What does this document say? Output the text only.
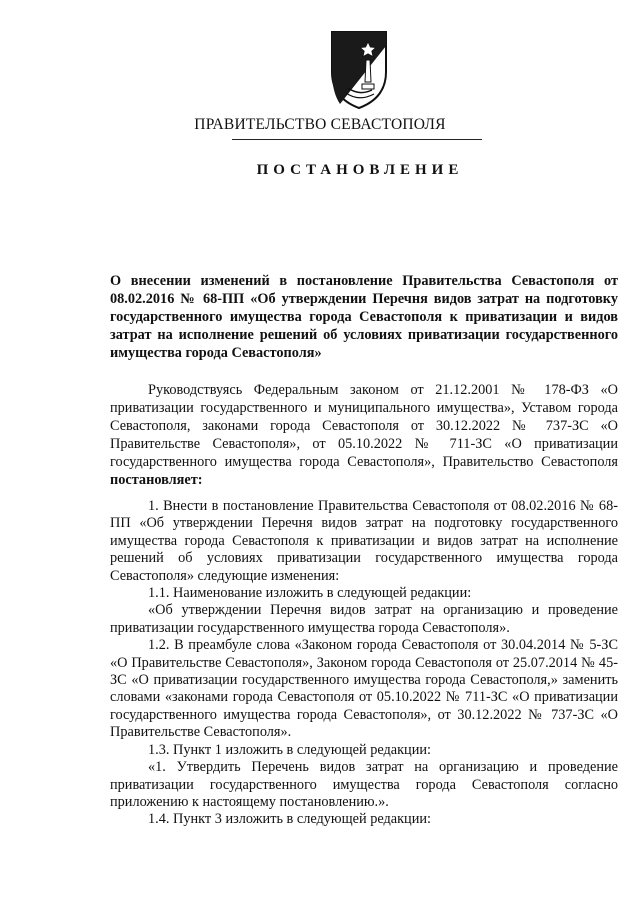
ПРАВИТЕЛЬСТВО СЕВАСТОПОЛЯ
ПОСТАНОВЛЕНИЕ

О внесении изменений в постановление Правительства Севастополя от 08.02.2016 № 68-ПП «Об утверждении Перечня видов затрат на подготовку государственного имущества города Севастополя к приватизации и видов затрат на исполнение решений об условиях приватизации государственного имущества города Севастополя»

Руководствуясь Федеральным законом от 21.12.2001 № 178-ФЗ «О приватизации государственного и муниципального имущества», Уставом города Севастополя, законами города Севастополя от 30.12.2022 № 737-ЗС «О Правительстве Севастополя», от 05.10.2022 № 711-ЗС «О приватизации государственного имущества города Севастополя», Правительство Севастополя постановляет:

1. Внести в постановление Правительства Севастополя от 08.02.2016 № 68-ПП «Об утверждении Перечня видов затрат на подготовку государственного имущества города Севастополя к приватизации и видов затрат на исполнение решений об условиях приватизации государственного имущества города Севастополя» следующие изменения:

1.1. Наименование изложить в следующей редакции:

«Об утверждении Перечня видов затрат на организацию и проведение приватизации государственного имущества города Севастополя».

1.2. В преамбуле слова «Законом города Севастополя от 30.04.2014 № 5-ЗС «О Правительстве Севастополя», Законом города Севастополя от 25.07.2014 № 45-ЗС «О приватизации государственного имущества города Севастополя,» заменить словами «законами города Севастополя от 05.10.2022 № 711-ЗС «О приватизации государственного имущества города Севастополя», от 30.12.2022 № 737-ЗС «О Правительстве Севастополя».

1.3. Пункт 1 изложить в следующей редакции:

«1. Утвердить Перечень видов затрат на организацию и проведение приватизации государственного имущества города Севастополя согласно приложению к настоящему постановлению.».

1.4. Пункт 3 изложить в следующей редакции:
